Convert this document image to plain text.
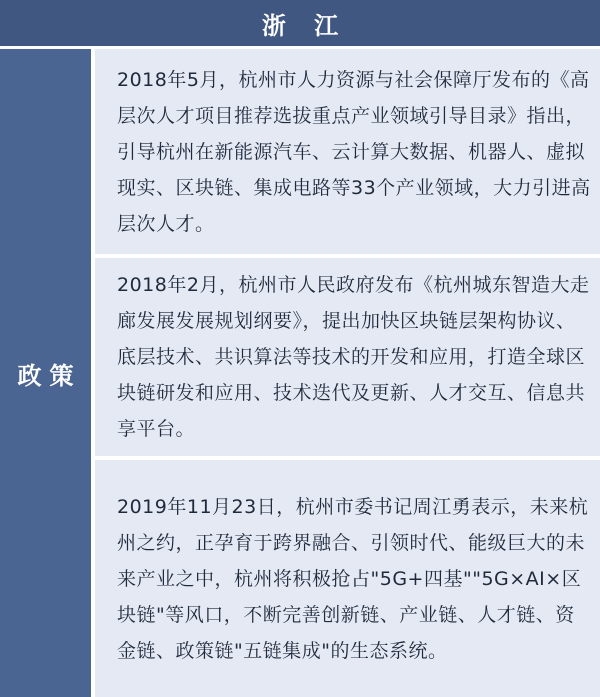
浙 江
政策

2018年5月，杭州市人力资源与社会保障厅发布的《高层次人才项目推荐选拔重点产业领域引导目录》指出，引导杭州在新能源汽车、云计算大数据、机器人、虚拟现实、区块链、集成电路等33个产业领域，大力引进高层次人才。

2018年2月，杭州市人民政府发布《杭州城东智造大走廊发展发展规划纲要》，提出加快区块链层架构协议、底层技术、共识算法等技术的开发和应用，打造全球区块链研发和应用、技术迭代及更新、人才交互、信息共享平台。

2019年11月23日，杭州市委书记周江勇表示，未来杭州之约，正孕育于跨界融合、引领时代、能级巨大的未来产业之中，杭州将积极抢占"5G+四基""5G×AI×区块链"等风口，不断完善创新链、产业链、人才链、资金链、政策链"五链集成"的生态系统。
